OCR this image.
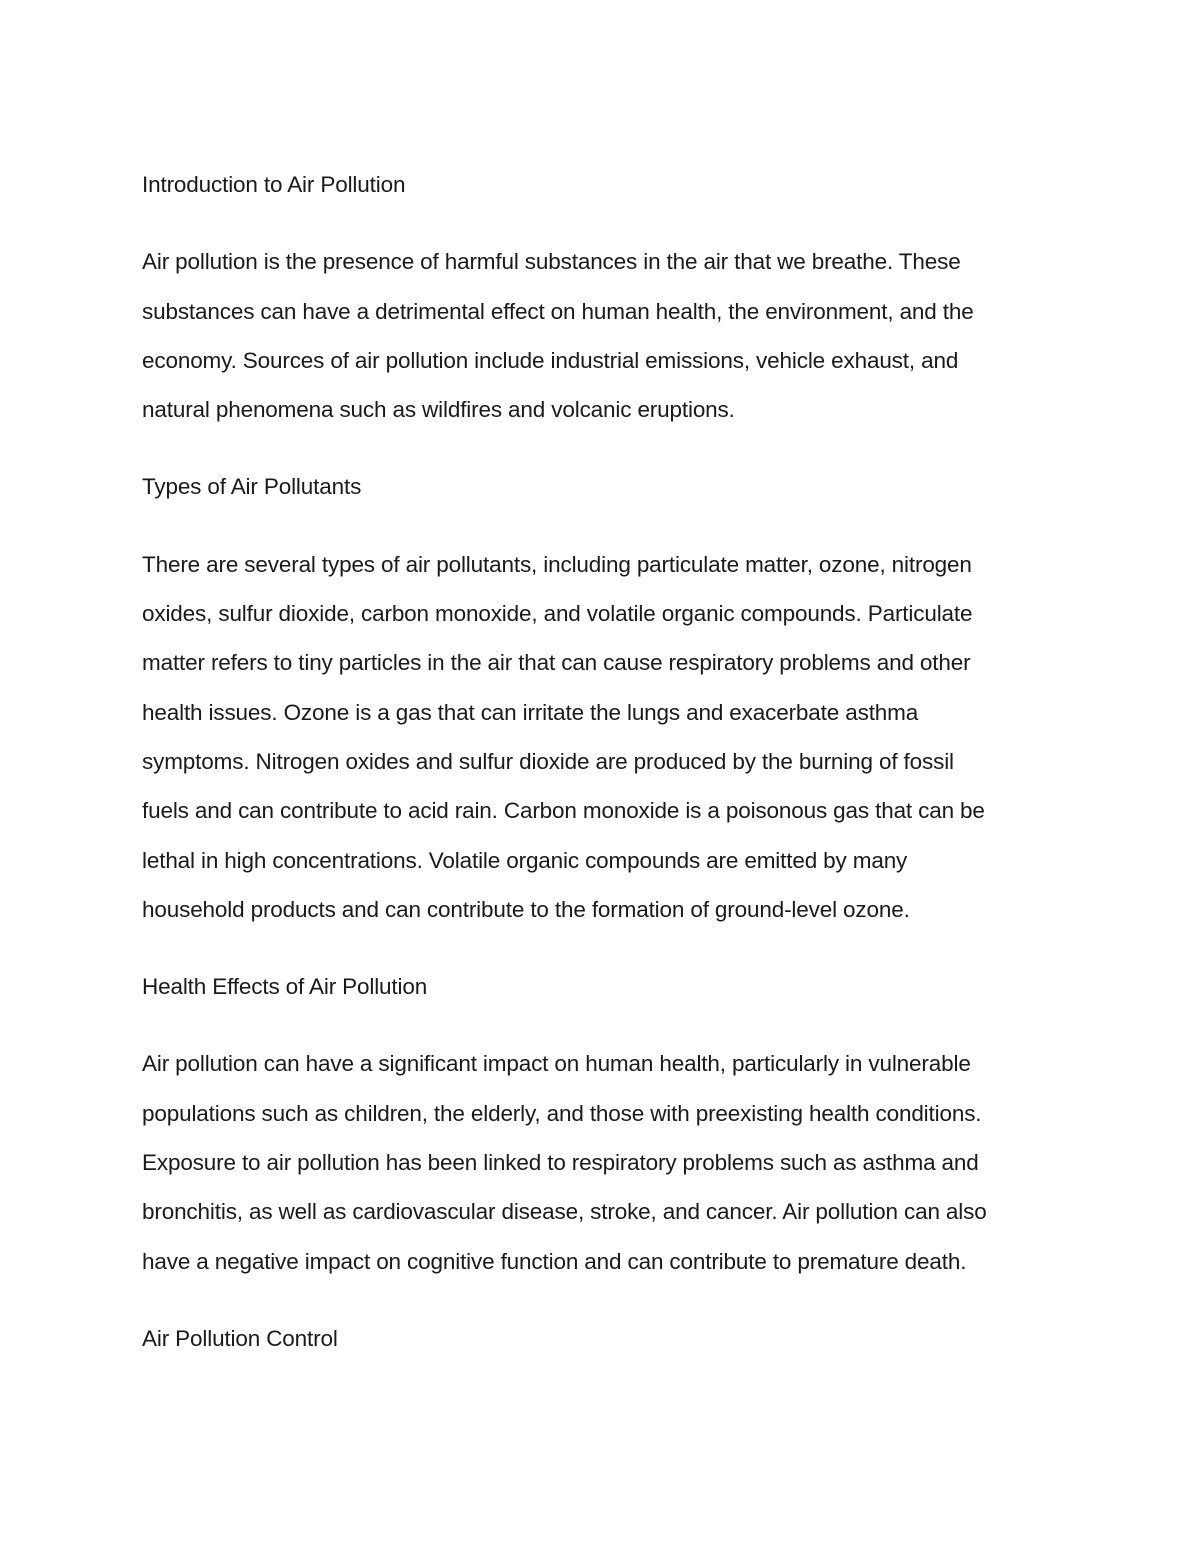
Introduction to Air Pollution

Air pollution is the presence of harmful substances in the air that we breathe. These
substances can have a detrimental effect on human health, the environment, and the
economy. Sources of air pollution include industrial emissions, vehicle exhaust, and
natural phenomena such as wildfires and volcanic eruptions.

Types of Air Pollutants

There are several types of air pollutants, including particulate matter, ozone, nitrogen
oxides, sulfur dioxide, carbon monoxide, and volatile organic compounds. Particulate
matter refers to tiny particles in the air that can cause respiratory problems and other
health issues. Ozone is a gas that can irritate the lungs and exacerbate asthma
symptoms. Nitrogen oxides and sulfur dioxide are produced by the burning of fossil
fuels and can contribute to acid rain. Carbon monoxide is a poisonous gas that can be
lethal in high concentrations. Volatile organic compounds are emitted by many
household products and can contribute to the formation of ground-level ozone.

Health Effects of Air Pollution

Air pollution can have a significant impact on human health, particularly in vulnerable
populations such as children, the elderly, and those with preexisting health conditions.
Exposure to air pollution has been linked to respiratory problems such as asthma and
bronchitis, as well as cardiovascular disease, stroke, and cancer. Air pollution can also
have a negative impact on cognitive function and can contribute to premature death.

Air Pollution Control
